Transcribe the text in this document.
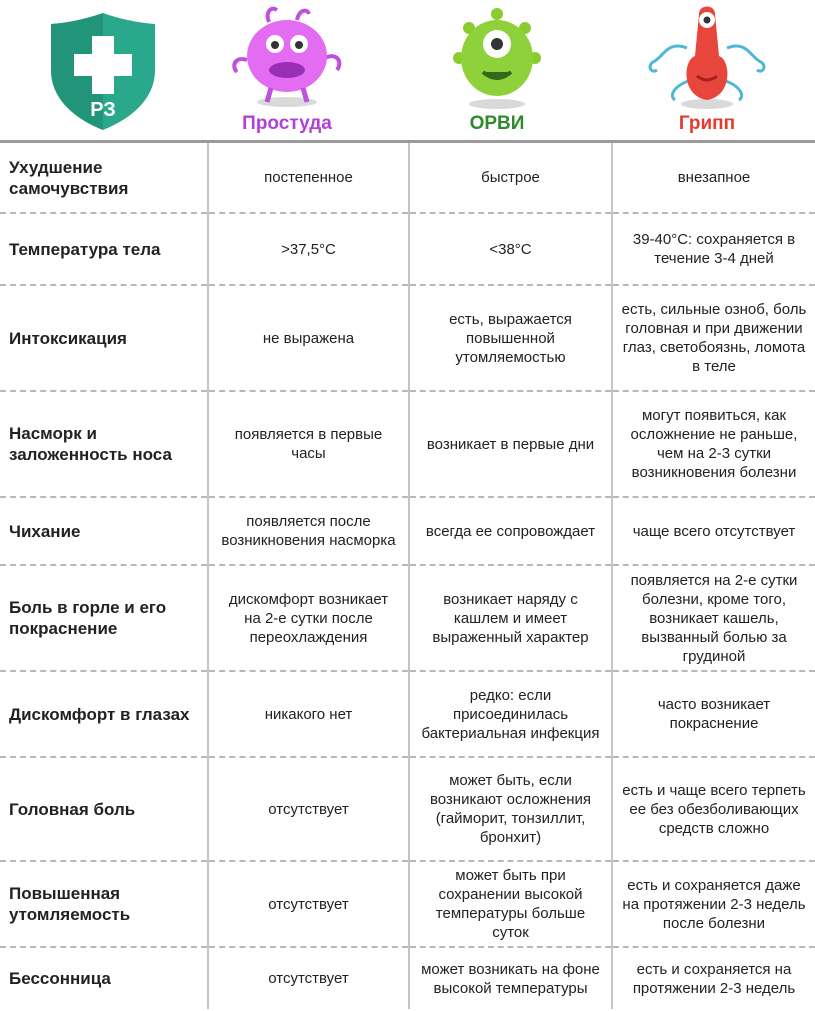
РЗ
Простуда	ОРВИ	Грипп
Ухудшение самочувствия	постепенное	быстрое	внезапное
Температура тела	>37,5°С	<38°С	39-40°С: сохраняется в течение 3-4 дней
Интоксикация	не выражена	есть, выражается повышенной утомляемостью	есть, сильные озноб, боль головная и при движении глаз, светобоязнь, ломота в теле
Насморк и заложенность носа	появляется в первые часы	возникает в первые дни	могут появиться, как осложнение не раньше, чем на 2-3 сутки возникновения болезни
Чихание	появляется после возникновения насморка	всегда ее сопровождает	чаще всего отсутствует
Боль в горле и его покраснение	дискомфорт возникает на 2-е сутки после переохлаждения	возникает наряду с кашлем и имеет выраженный характер	появляется на 2-е сутки болезни, кроме того, возникает кашель, вызванный болью за грудиной
Дискомфорт в глазах	никакого нет	редко: если присоединилась бактериальная инфекция	часто возникает покраснение
Головная боль	отсутствует	может быть, если возникают осложнения (гайморит, тонзиллит, бронхит)	есть и чаще всего терпеть ее без обезболивающих средств сложно
Повышенная утомляемость	отсутствует	может быть при сохранении высокой температуры больше суток	есть и сохраняется даже на протяжении 2-3 недель после болезни
Бессонница	отсутствует	может возникать на фоне высокой температуры	есть и сохраняется на протяжении 2-3 недель
